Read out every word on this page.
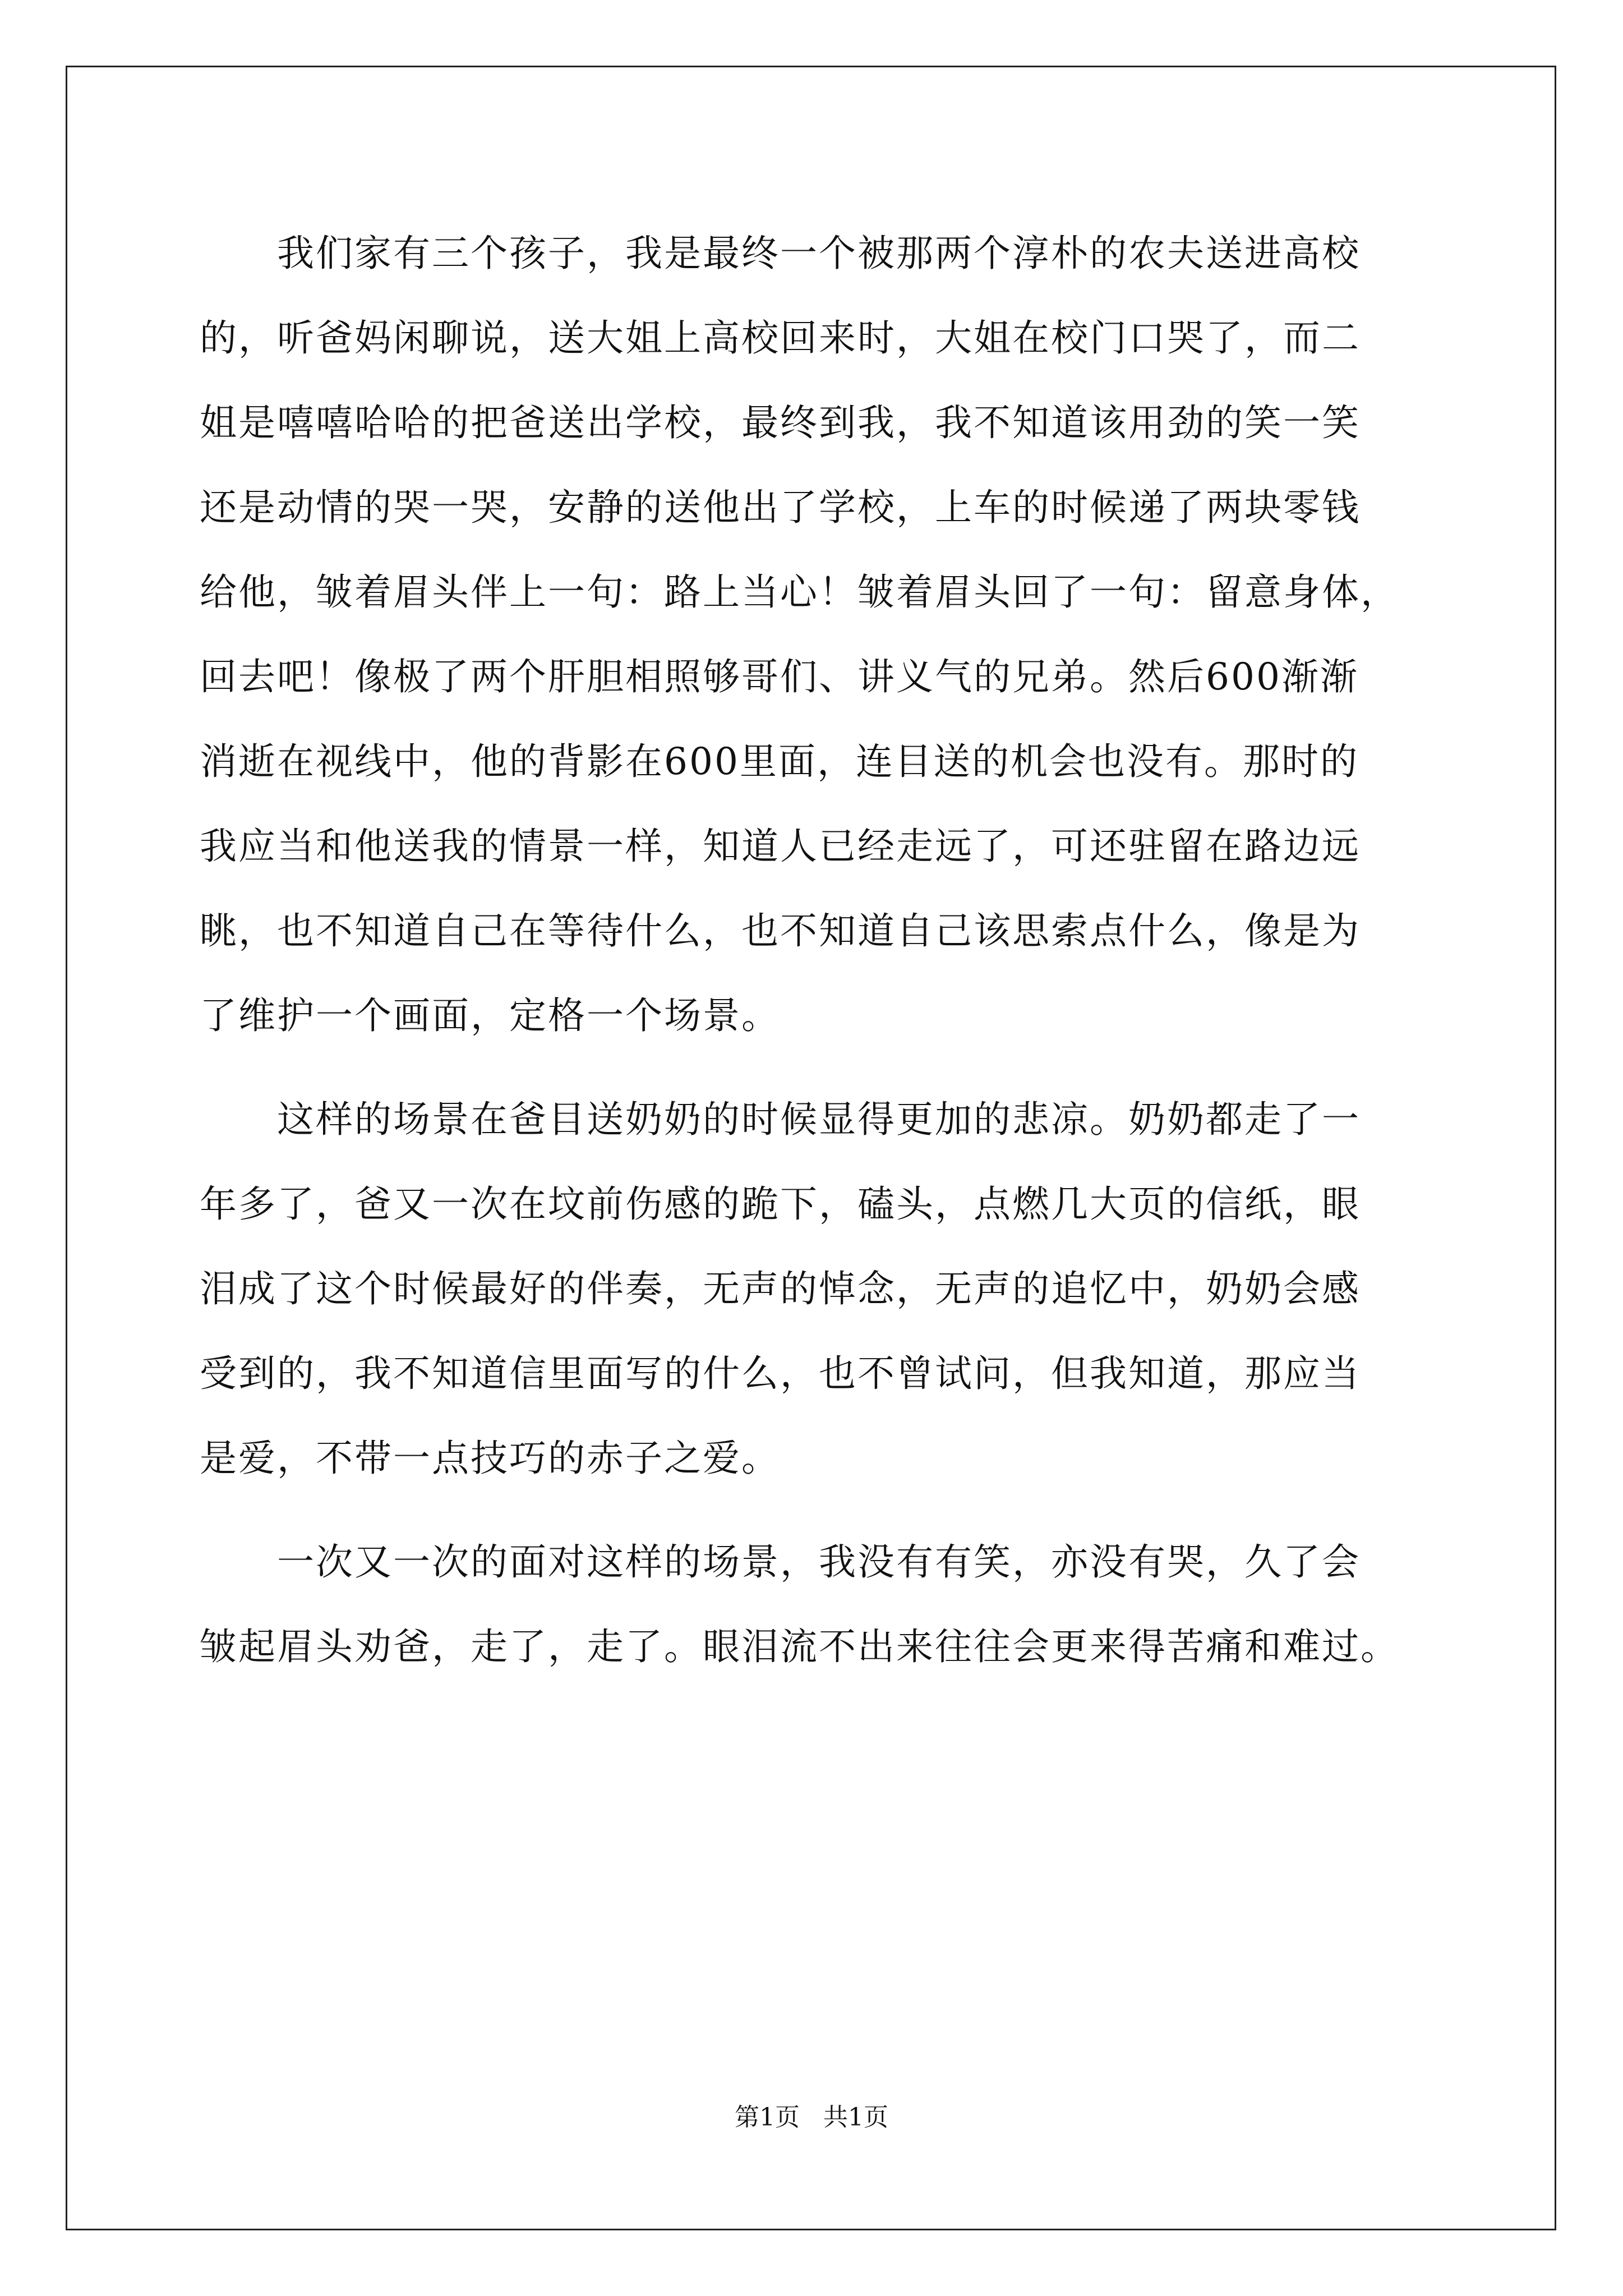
　　我们家有三个孩子，我是最终一个被那两个淳朴的农夫送进高校
的，听爸妈闲聊说，送大姐上高校回来时，大姐在校门口哭了，而二
姐是嘻嘻哈哈的把爸送出学校，最终到我，我不知道该用劲的笑一笑
还是动情的哭一哭，安静的送他出了学校，上车的时候递了两块零钱
给他，皱着眉头伴上一句：路上当心！皱着眉头回了一句：留意身体，
回去吧！像极了两个肝胆相照够哥们、讲义气的兄弟。然后600渐渐
消逝在视线中，他的背影在600里面，连目送的机会也没有。那时的
我应当和他送我的情景一样，知道人已经走远了，可还驻留在路边远
眺，也不知道自己在等待什么，也不知道自己该思索点什么，像是为
了维护一个画面，定格一个场景。
　　这样的场景在爸目送奶奶的时候显得更加的悲凉。奶奶都走了一
年多了，爸又一次在坟前伤感的跪下，磕头，点燃几大页的信纸，眼
泪成了这个时候最好的伴奏，无声的悼念，无声的追忆中，奶奶会感
受到的，我不知道信里面写的什么，也不曾试问，但我知道，那应当
是爱，不带一点技巧的赤子之爱。
　　一次又一次的面对这样的场景，我没有有笑，亦没有哭，久了会
皱起眉头劝爸，走了，走了。眼泪流不出来往往会更来得苦痛和难过。
第1页   共1页
